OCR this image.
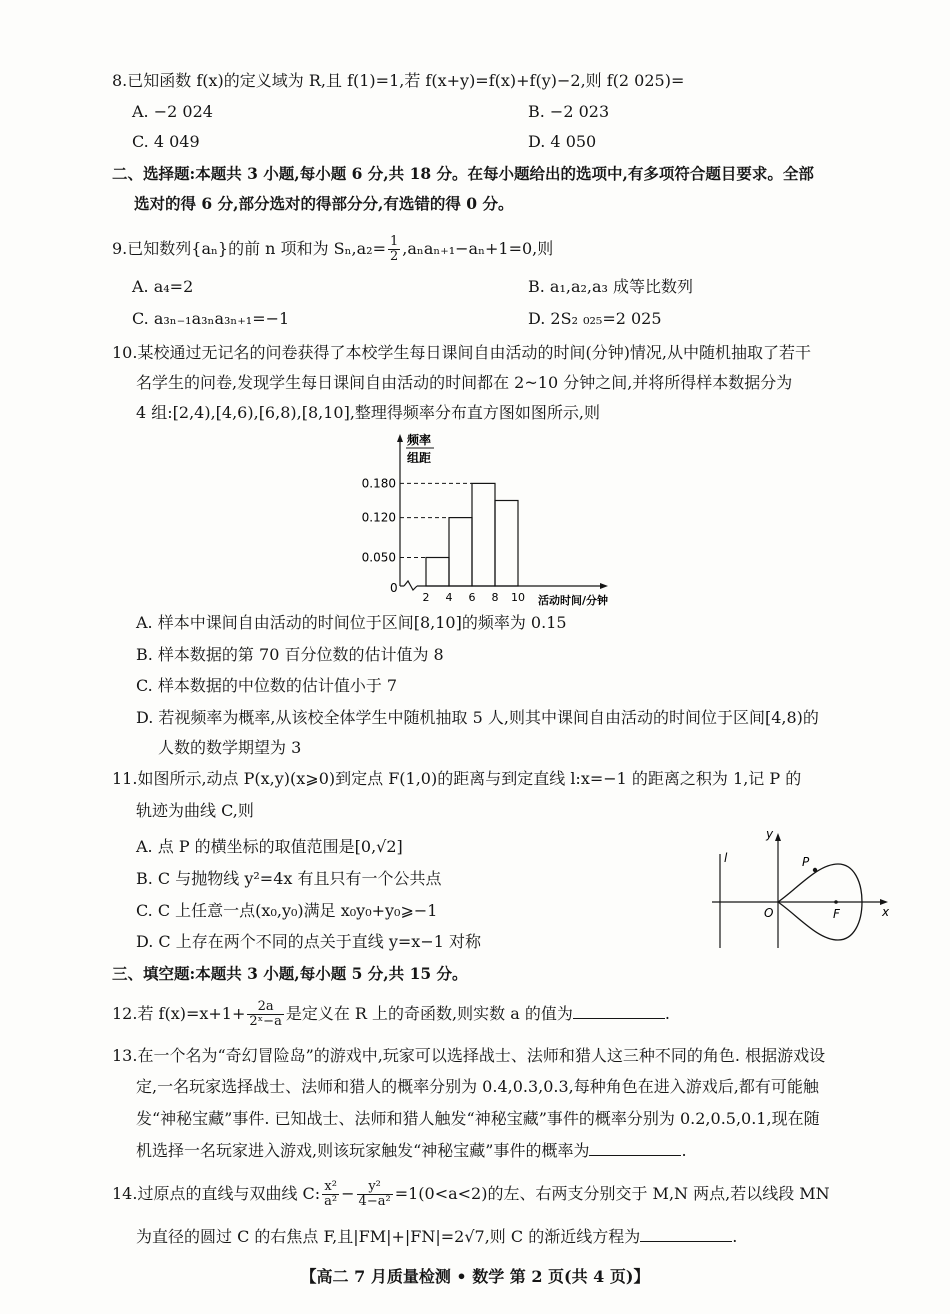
8.已知函数 f(x)的定义域为 R,且 f(1)=1,若 f(x+y)=f(x)+f(y)−2,则 f(2 025)=
A. −2 024	B. −2 023
C. 4 049	D. 4 050
二、选择题:本题共 3 小题,每小题 6 分,共 18 分。在每小题给出的选项中,有多项符合题目要求。全部
选对的得 6 分,部分选对的得部分分,有选错的得 0 分。
9.已知数列{aₙ}的前 n 项和为 $S_n,a_2= \frac{1}{2} ,a_na_{n+1}-a_n+1=0$,则
A. a₄=2	B. a₁,a₂,a₃ 成等比数列
C. a₃ₙ₋₁a₃ₙa₃ₙ₊₁=−1	D. 2S₂ ₀₂₅=2 025
10.某校通过无记名的问卷获得了本校学生每日课间自由活动的时间(分钟)情况,从中随机抽取了若干
名学生的问卷,发现学生每日课间自由活动的时间都在 2~10 分钟之间,并将所得样本数据分为
4 组:[2,4),[4,6),[6,8),[8,10],整理得频率分布直方图如图所示,则
0.180
0.120
0.050
2 4 6 8 10
频率
组距
0
活动时间/分钟
A. 样本中课间自由活动的时间位于区间[8,10]的频率为 0.15
B. 样本数据的第 70 百分位数的估计值为 8
C. 样本数据的中位数的估计值小于 7
D. 若视频率为概率,从该校全体学生中随机抽取 5 人,则其中课间自由活动的时间位于区间[4,8)的
人数的数学期望为 3
11.如图所示,动点 P(x,y)(x⩾0)到定点 F(1,0)的距离与到定直线 l:x=−1 的距离之积为 1,记 P 的
轨迹为曲线 C,则
A. 点 P 的横坐标的取值范围是[0,√2]
B. C 与抛物线 y²=4x 有且只有一个公共点
C. C 上任意一点(x₀,y₀)满足 x₀y₀+y₀⩾−1
D. C 上存在两个不同的点关于直线 y=x−1 对称
l
y
P
O	F	x
三、填空题:本题共 3 小题,每小题 5 分,共 15 分。
12.若 $f(x)=x+1+ \frac{2a}{\text{2ˣ−a}}$ 是定义在 R 上的奇函数,则实数 a 的值为	.
13.在一个名为“奇幻冒险岛”的游戏中,玩家可以选择战士、法师和猎人这三种不同的角色. 根据游戏设
定,一名玩家选择战士、法师和猎人的概率分别为 0.4,0.3,0.3,每种角色在进入游戏后,都有可能触
发“神秘宝藏”事件. 已知战士、法师和猎人触发“神秘宝藏”事件的概率分别为 0.2,0.5,0.1,现在随
机选择一名玩家进入游戏,则该玩家触发“神秘宝藏”事件的概率为	.
14.过原点的直线与双曲线 C: $\frac{\text{x²}}{\text{a²}} - \frac{\text{y²}}{\text{4−a²}} =1(0<a<2)$的左、右两支分别交于 M,N 两点,若以线段 MN
为直径的圆过 C 的右焦点 F,且|FM|+|FN|=2√7,则 C 的渐近线方程为	.
【高二 7 月质量检测 • 数学 第 2 页(共 4 页)】
